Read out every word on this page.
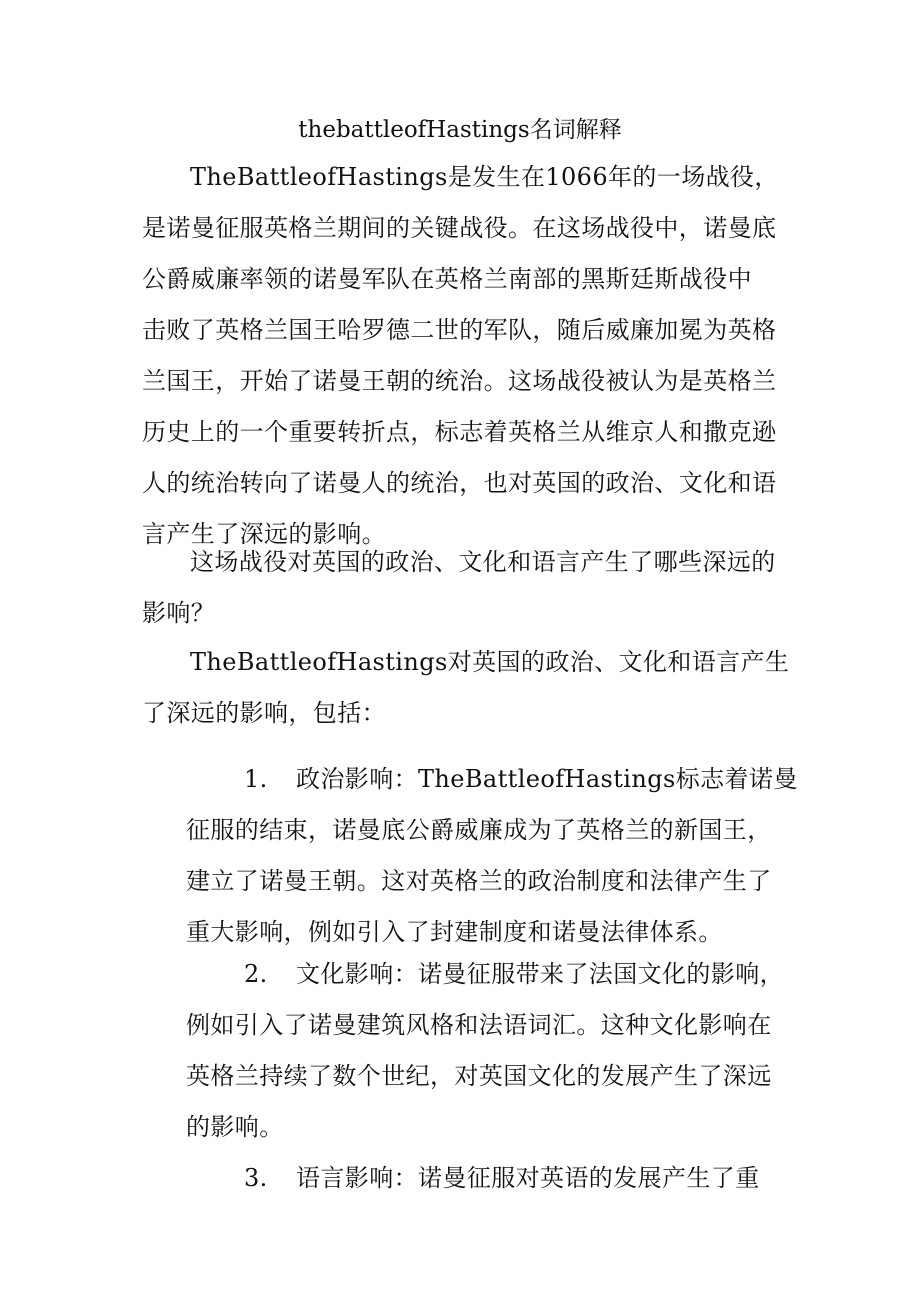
thebattleofHastings名词解释
TheBattleofHastings是发生在1066年的一场战役，
是诺曼征服英格兰期间的关键战役。在这场战役中，诺曼底
公爵威廉率领的诺曼军队在英格兰南部的黑斯廷斯战役中
击败了英格兰国王哈罗德二世的军队，随后威廉加冕为英格
兰国王，开始了诺曼王朝的统治。这场战役被认为是英格兰
历史上的一个重要转折点，标志着英格兰从维京人和撒克逊
人的统治转向了诺曼人的统治，也对英国的政治、文化和语
言产生了深远的影响。
这场战役对英国的政治、文化和语言产生了哪些深远的
影响？
TheBattleofHastings对英国的政治、文化和语言产生
了深远的影响，包括：
1. 政治影响：TheBattleofHastings标志着诺曼
征服的结束，诺曼底公爵威廉成为了英格兰的新国王，
建立了诺曼王朝。这对英格兰的政治制度和法律产生了
重大影响，例如引入了封建制度和诺曼法律体系。
2. 文化影响：诺曼征服带来了法国文化的影响，
例如引入了诺曼建筑风格和法语词汇。这种文化影响在
英格兰持续了数个世纪，对英国文化的发展产生了深远
的影响。
3. 语言影响：诺曼征服对英语的发展产生了重
